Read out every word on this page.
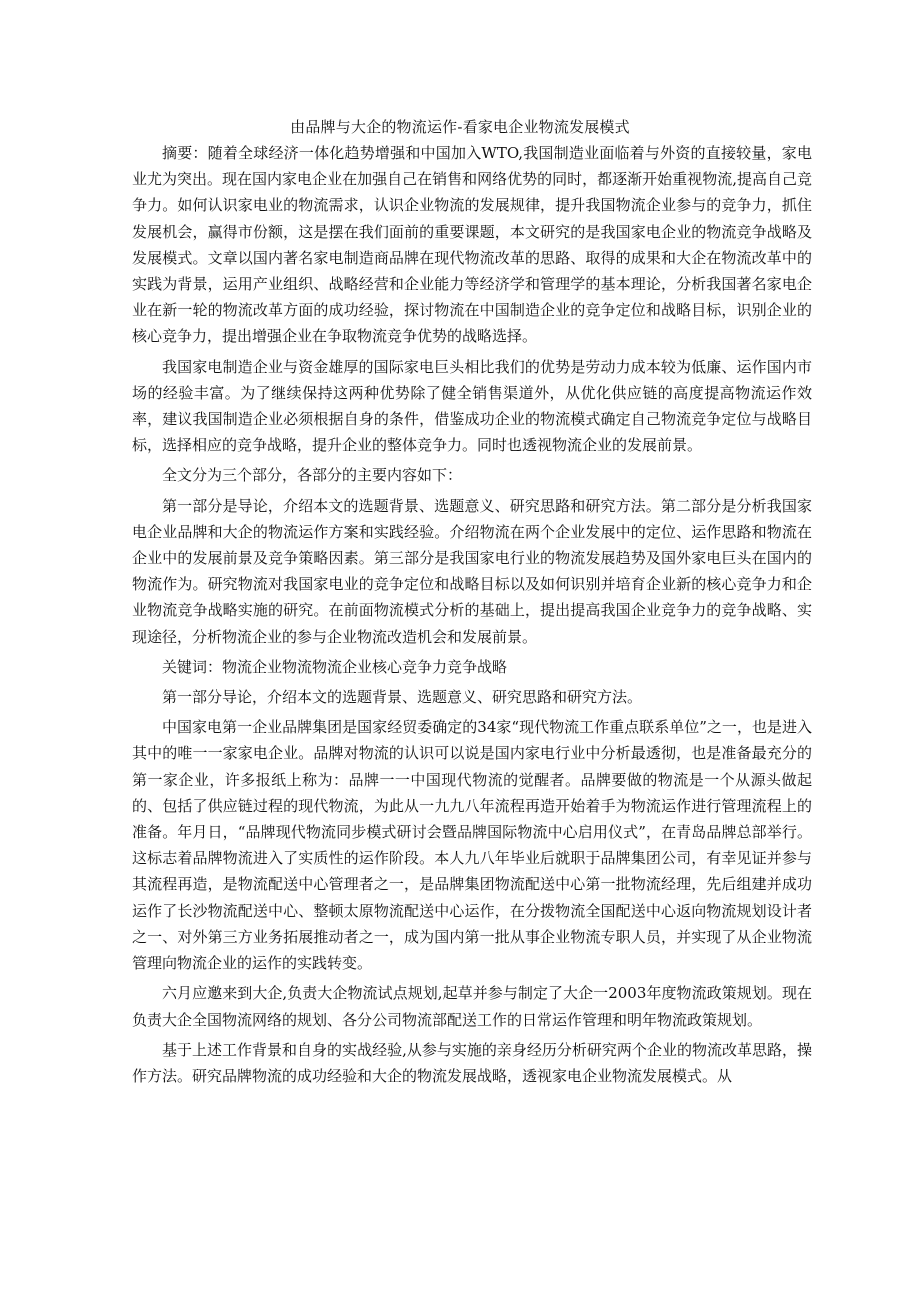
由品牌与大企的物流运作-看家电企业物流发展模式

摘要：随着全球经济一体化趋势增强和中国加入WTO,我国制造业面临着与外资的直接较量，家电业尤为突出。现在国内家电企业在加强自己在销售和网络优势的同时，都逐渐开始重视物流,提高自己竞争力。如何认识家电业的物流需求，认识企业物流的发展规律，提升我国物流企业参与的竞争力，抓住发展机会，赢得市份额，这是摆在我们面前的重要课题，本文研究的是我国家电企业的物流竞争战略及发展模式。文章以国内著名家电制造商品牌在现代物流改革的思路、取得的成果和大企在物流改革中的实践为背景，运用产业组织、战略经营和企业能力等经济学和管理学的基本理论，分析我国著名家电企业在新一轮的物流改革方面的成功经验，探讨物流在中国制造企业的竞争定位和战略目标，识别企业的核心竞争力，提出增强企业在争取物流竞争优势的战略选择。

我国家电制造企业与资金雄厚的国际家电巨头相比我们的优势是劳动力成本较为低廉、运作国内市场的经验丰富。为了继续保持这两种优势除了健全销售渠道外，从优化供应链的高度提高物流运作效率，建议我国制造企业必须根据自身的条件，借鉴成功企业的物流模式确定自己物流竞争定位与战略目标，选择相应的竞争战略，提升企业的整体竞争力。同时也透视物流企业的发展前景。

全文分为三个部分，各部分的主要内容如下：

第一部分是导论，介绍本文的选题背景、选题意义、研究思路和研究方法。第二部分是分析我国家电企业品牌和大企的物流运作方案和实践经验。介绍物流在两个企业发展中的定位、运作思路和物流在企业中的发展前景及竞争策略因素。第三部分是我国家电行业的物流发展趋势及国外家电巨头在国内的物流作为。研究物流对我国家电业的竞争定位和战略目标以及如何识别并培育企业新的核心竞争力和企业物流竞争战略实施的研究。在前面物流模式分析的基础上，提出提高我国企业竞争力的竞争战略、实现途径，分析物流企业的参与企业物流改造机会和发展前景。

关键词：物流企业物流物流企业核心竞争力竞争战略

第一部分导论，介绍本文的选题背景、选题意义、研究思路和研究方法。

中国家电第一企业品牌集团是国家经贸委确定的34家“现代物流工作重点联系单位”之一，也是进入其中的唯一一家家电企业。品牌对物流的认识可以说是国内家电行业中分析最透彻，也是准备最充分的第一家企业，许多报纸上称为：品牌一一中国现代物流的觉醒者。品牌要做的物流是一个从源头做起的、包括了供应链过程的现代物流，为此从一九九八年流程再造开始着手为物流运作进行管理流程上的准备。年月日，“品牌现代物流同步模式研讨会暨品牌国际物流中心启用仪式”，在青岛品牌总部举行。这标志着品牌物流进入了实质性的运作阶段。本人九八年毕业后就职于品牌集团公司，有幸见证并参与其流程再造，是物流配送中心管理者之一，是品牌集团物流配送中心第一批物流经理，先后组建并成功运作了长沙物流配送中心、整顿太原物流配送中心运作，在分拨物流全国配送中心返向物流规划设计者之一、对外第三方业务拓展推动者之一，成为国内第一批从事企业物流专职人员，并实现了从企业物流管理向物流企业的运作的实践转变。

六月应邀来到大企,负责大企物流试点规划,起草并参与制定了大企一2003年度物流政策规划。现在负责大企全国物流网络的规划、各分公司物流部配送工作的日常运作管理和明年物流政策规划。

基于上述工作背景和自身的实战经验,从参与实施的亲身经历分析研究两个企业的物流改革思路，操作方法。研究品牌物流的成功经验和大企的物流发展战略，透视家电企业物流发展模式。从
